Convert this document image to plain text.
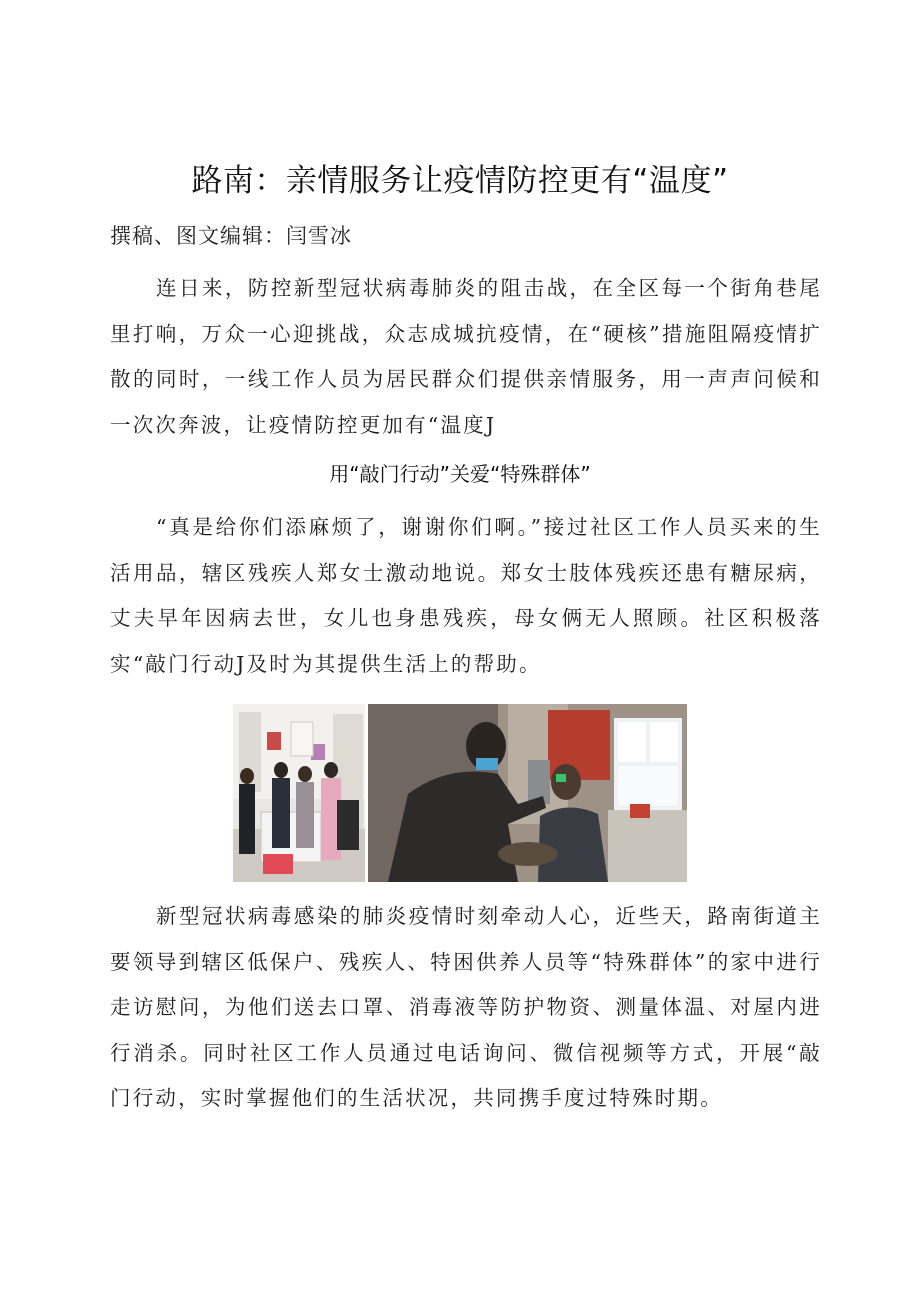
路南：亲情服务让疫情防控更有“温度”
撰稿、图文编辑：闫雪冰

连日来，防控新型冠状病毒肺炎的阻击战，在全区每一个街角巷尾里打响，万众一心迎挑战，众志成城抗疫情，在“硬核”措施阻隔疫情扩散的同时，一线工作人员为居民群众们提供亲情服务，用一声声问候和一次次奔波，让疫情防控更加有“温度J

用“敲门行动”关爱“特殊群体”

“真是给你们添麻烦了，谢谢你们啊。”接过社区工作人员买来的生活用品，辖区残疾人郑女士激动地说。郑女士肢体残疾还患有糖尿病，丈夫早年因病去世，女儿也身患残疾，母女俩无人照顾。社区积极落实“敲门行动J及时为其提供生活上的帮助。

新型冠状病毒感染的肺炎疫情时刻牵动人心，近些天，路南街道主要领导到辖区低保户、残疾人、特困供养人员等“特殊群体”的家中进行走访慰问，为他们送去口罩、消毒液等防护物资、测量体温、对屋内进行消杀。同时社区工作人员通过电话询问、微信视频等方式，开展“敲门行动，实时掌握他们的生活状况，共同携手度过特殊时期。
